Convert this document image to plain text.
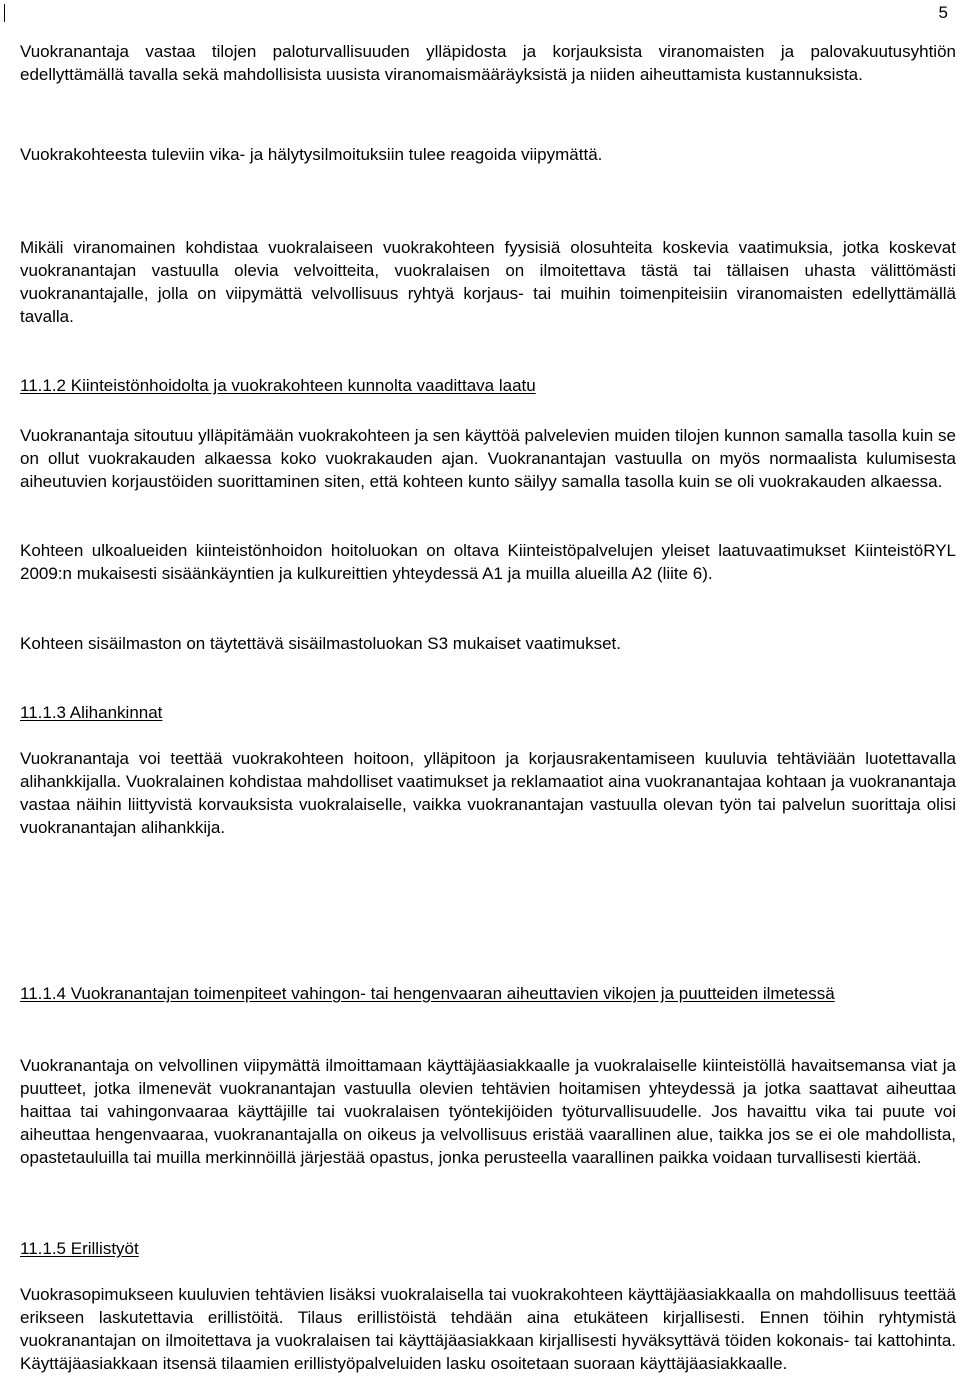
5

Vuokranantaja vastaa tilojen paloturvallisuuden ylläpidosta ja korjauksista viranomaisten ja palovakuutusyhtiön edellyttämällä tavalla sekä mahdollisista uusista viranomaismääräyksistä ja niiden aiheuttamista kustannuksista.

Vuokrakohteesta tuleviin vika- ja hälytysilmoituksiin tulee reagoida viipymättä.

Mikäli viranomainen kohdistaa vuokralaiseen vuokrakohteen fyysisiä olosuhteita koskevia vaatimuksia, jotka koskevat vuokranantajan vastuulla olevia velvoitteita, vuokralaisen on ilmoitettava tästä tai tällaisen uhasta välittömästi vuokranantajalle, jolla on viipymättä velvollisuus ryhtyä korjaus- tai muihin toimenpiteisiin viranomaisten edellyttämällä tavalla.

11.1.2 Kiinteistönhoidolta ja vuokrakohteen kunnolta vaadittava laatu

Vuokranantaja sitoutuu ylläpitämään vuokrakohteen ja sen käyttöä palvelevien muiden tilojen kunnon samalla tasolla kuin se on ollut vuokrakauden alkaessa koko vuokrakauden ajan. Vuokranantajan vastuulla on myös normaalista kulumisesta aiheutuvien korjaustöiden suorittaminen siten, että kohteen kunto säilyy samalla tasolla kuin se oli vuokrakauden alkaessa.

Kohteen ulkoalueiden kiinteistönhoidon hoitoluokan on oltava Kiinteistöpalvelujen yleiset laatuvaatimukset KiinteistöRYL 2009:n mukaisesti sisäänkäyntien ja kulkureittien yhteydessä A1 ja muilla alueilla A2 (liite 6).

Kohteen sisäilmaston on täytettävä sisäilmastoluokan S3 mukaiset vaatimukset.

11.1.3 Alihankinnat

Vuokranantaja voi teettää vuokrakohteen hoitoon, ylläpitoon ja korjausrakentamiseen kuuluvia tehtäviään luotettavalla alihankkijalla. Vuokralainen kohdistaa mahdolliset vaatimukset ja reklamaatiot aina vuokranantajaa kohtaan ja vuokranantaja vastaa näihin liittyvistä korvauksista vuokralaiselle, vaikka vuokranantajan vastuulla olevan työn tai palvelun suorittaja olisi vuokranantajan alihankkija.

11.1.4 Vuokranantajan toimenpiteet vahingon- tai hengenvaaran aiheuttavien vikojen ja puutteiden ilmetessä

Vuokranantaja on velvollinen viipymättä ilmoittamaan käyttäjäasiakkaalle ja vuokralaiselle kiinteistöllä havaitsemansa viat ja puutteet, jotka ilmenevät vuokranantajan vastuulla olevien tehtävien hoitamisen yhteydessä ja jotka saattavat aiheuttaa haittaa tai vahingonvaaraa käyttäjille tai vuokralaisen työntekijöiden työturvallisuudelle. Jos havaittu vika tai puute voi aiheuttaa hengenvaaraa, vuokranantajalla on oikeus ja velvollisuus eristää vaarallinen alue, taikka jos se ei ole mahdollista, opastetauluilla tai muilla merkinnöillä järjestää opastus, jonka perusteella vaarallinen paikka voidaan turvallisesti kiertää.

11.1.5 Erillistyöt

Vuokrasopimukseen kuuluvien tehtävien lisäksi vuokralaisella tai vuokrakohteen käyttäjäasiakkaalla on mahdollisuus teettää erikseen laskutettavia erillistöitä. Tilaus erillistöistä tehdään aina etukäteen kirjallisesti. Ennen töihin ryhtymistä vuokranantajan on ilmoitettava ja vuokralaisen tai käyttäjäasiakkaan kirjallisesti hyväksyttävä töiden kokonais- tai kattohinta. Käyttäjäasiakkaan itsensä tilaamien erillistyöpalveluiden lasku osoitetaan suoraan käyttäjäasiakkaalle.
